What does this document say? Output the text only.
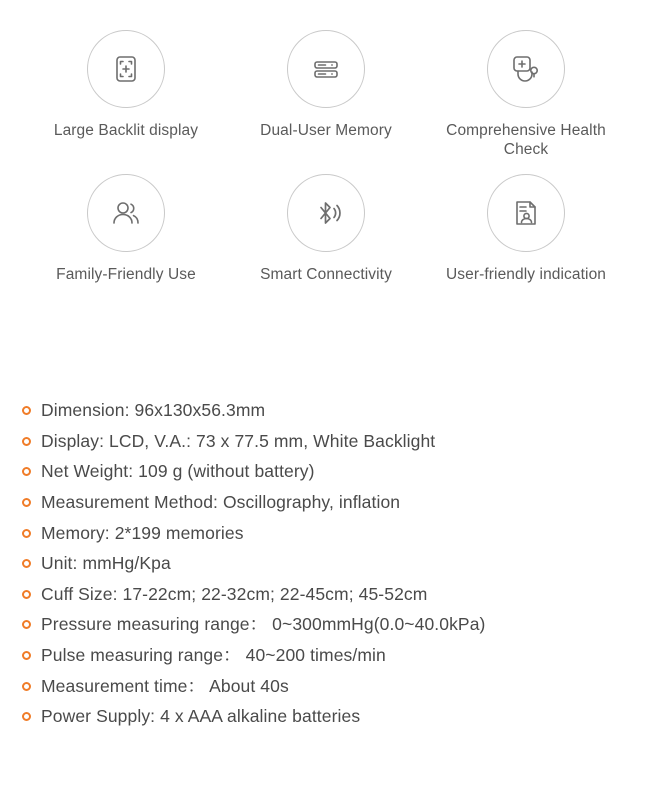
Large Backlit display	Dual-User Memory	Comprehensive Health Check
Family-Friendly Use	Smart Connectivity	User-friendly indication
Dimension: 96x130x56.3mm
Display: LCD, V.A.: 73 x 77.5 mm, White Backlight
Net Weight: 109 g (without battery)
Measurement Method: Oscillography, inflation
Memory: 2*199 memories
Unit: mmHg/Kpa
Cuff Size: 17-22cm; 22-32cm; 22-45cm; 45-52cm
Pressure measuring range： 0~300mmHg(0.0~40.0kPa)
Pulse measuring range： 40~200 times/min
Measurement time： About 40s
Power Supply: 4 x AAA alkaline batteries
